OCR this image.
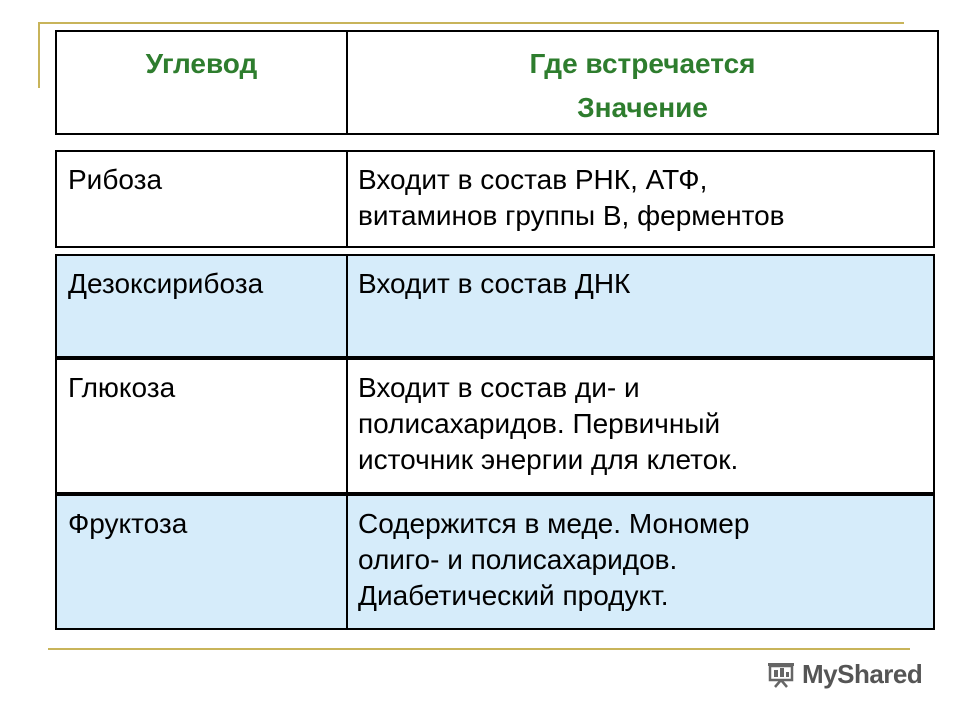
Углевод	Где встречается
Значение
Рибоза	Входит в состав РНК, АТФ,
витаминов группы В, ферментов
Дезоксирибоза	Входит в состав ДНК
Глюкоза	Входит в состав ди- и
полисахаридов. Первичный
источник энергии для клеток.
Фруктоза	Содержится в меде. Мономер
олиго- и полисахаридов.
Диабетический продукт.
MyShared
